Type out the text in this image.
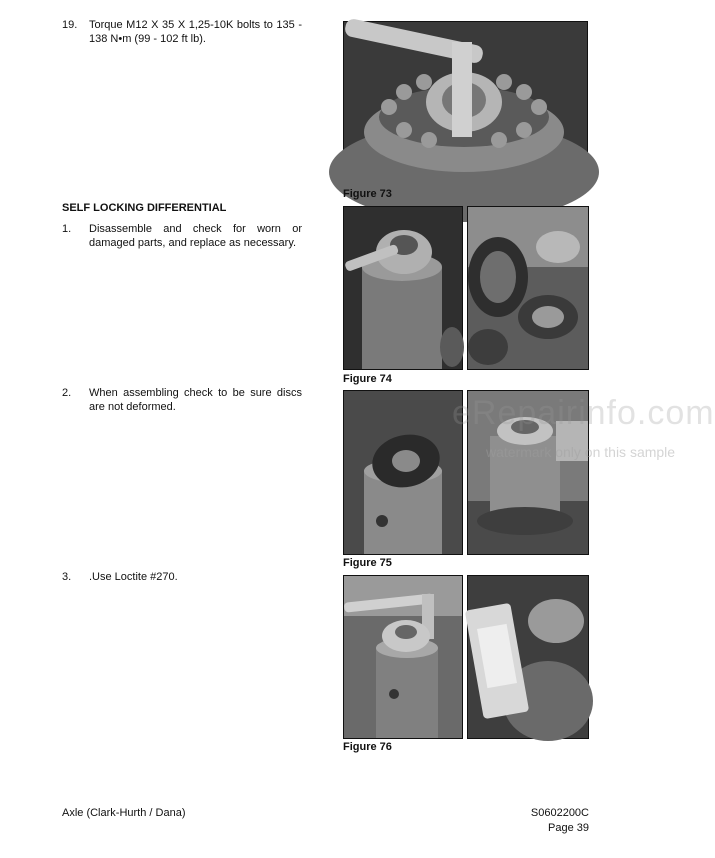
19. Torque M12 X 35 X 1,25-10K bolts to 135 - 138 N•m (99 - 102 ft lb).
Figure 73
SELF LOCKING DIFFERENTIAL
1. Disassemble and check for worn or damaged parts, and replace as necessary.
Figure 74
2. When assembling check to be sure discs are not deformed.
Figure 75
3. .Use Loctite #270.
Figure 76
eRepairinfo.com
watermark only on this sample
Axle (Clark-Hurth / Dana)	S0602200C
Page 39
